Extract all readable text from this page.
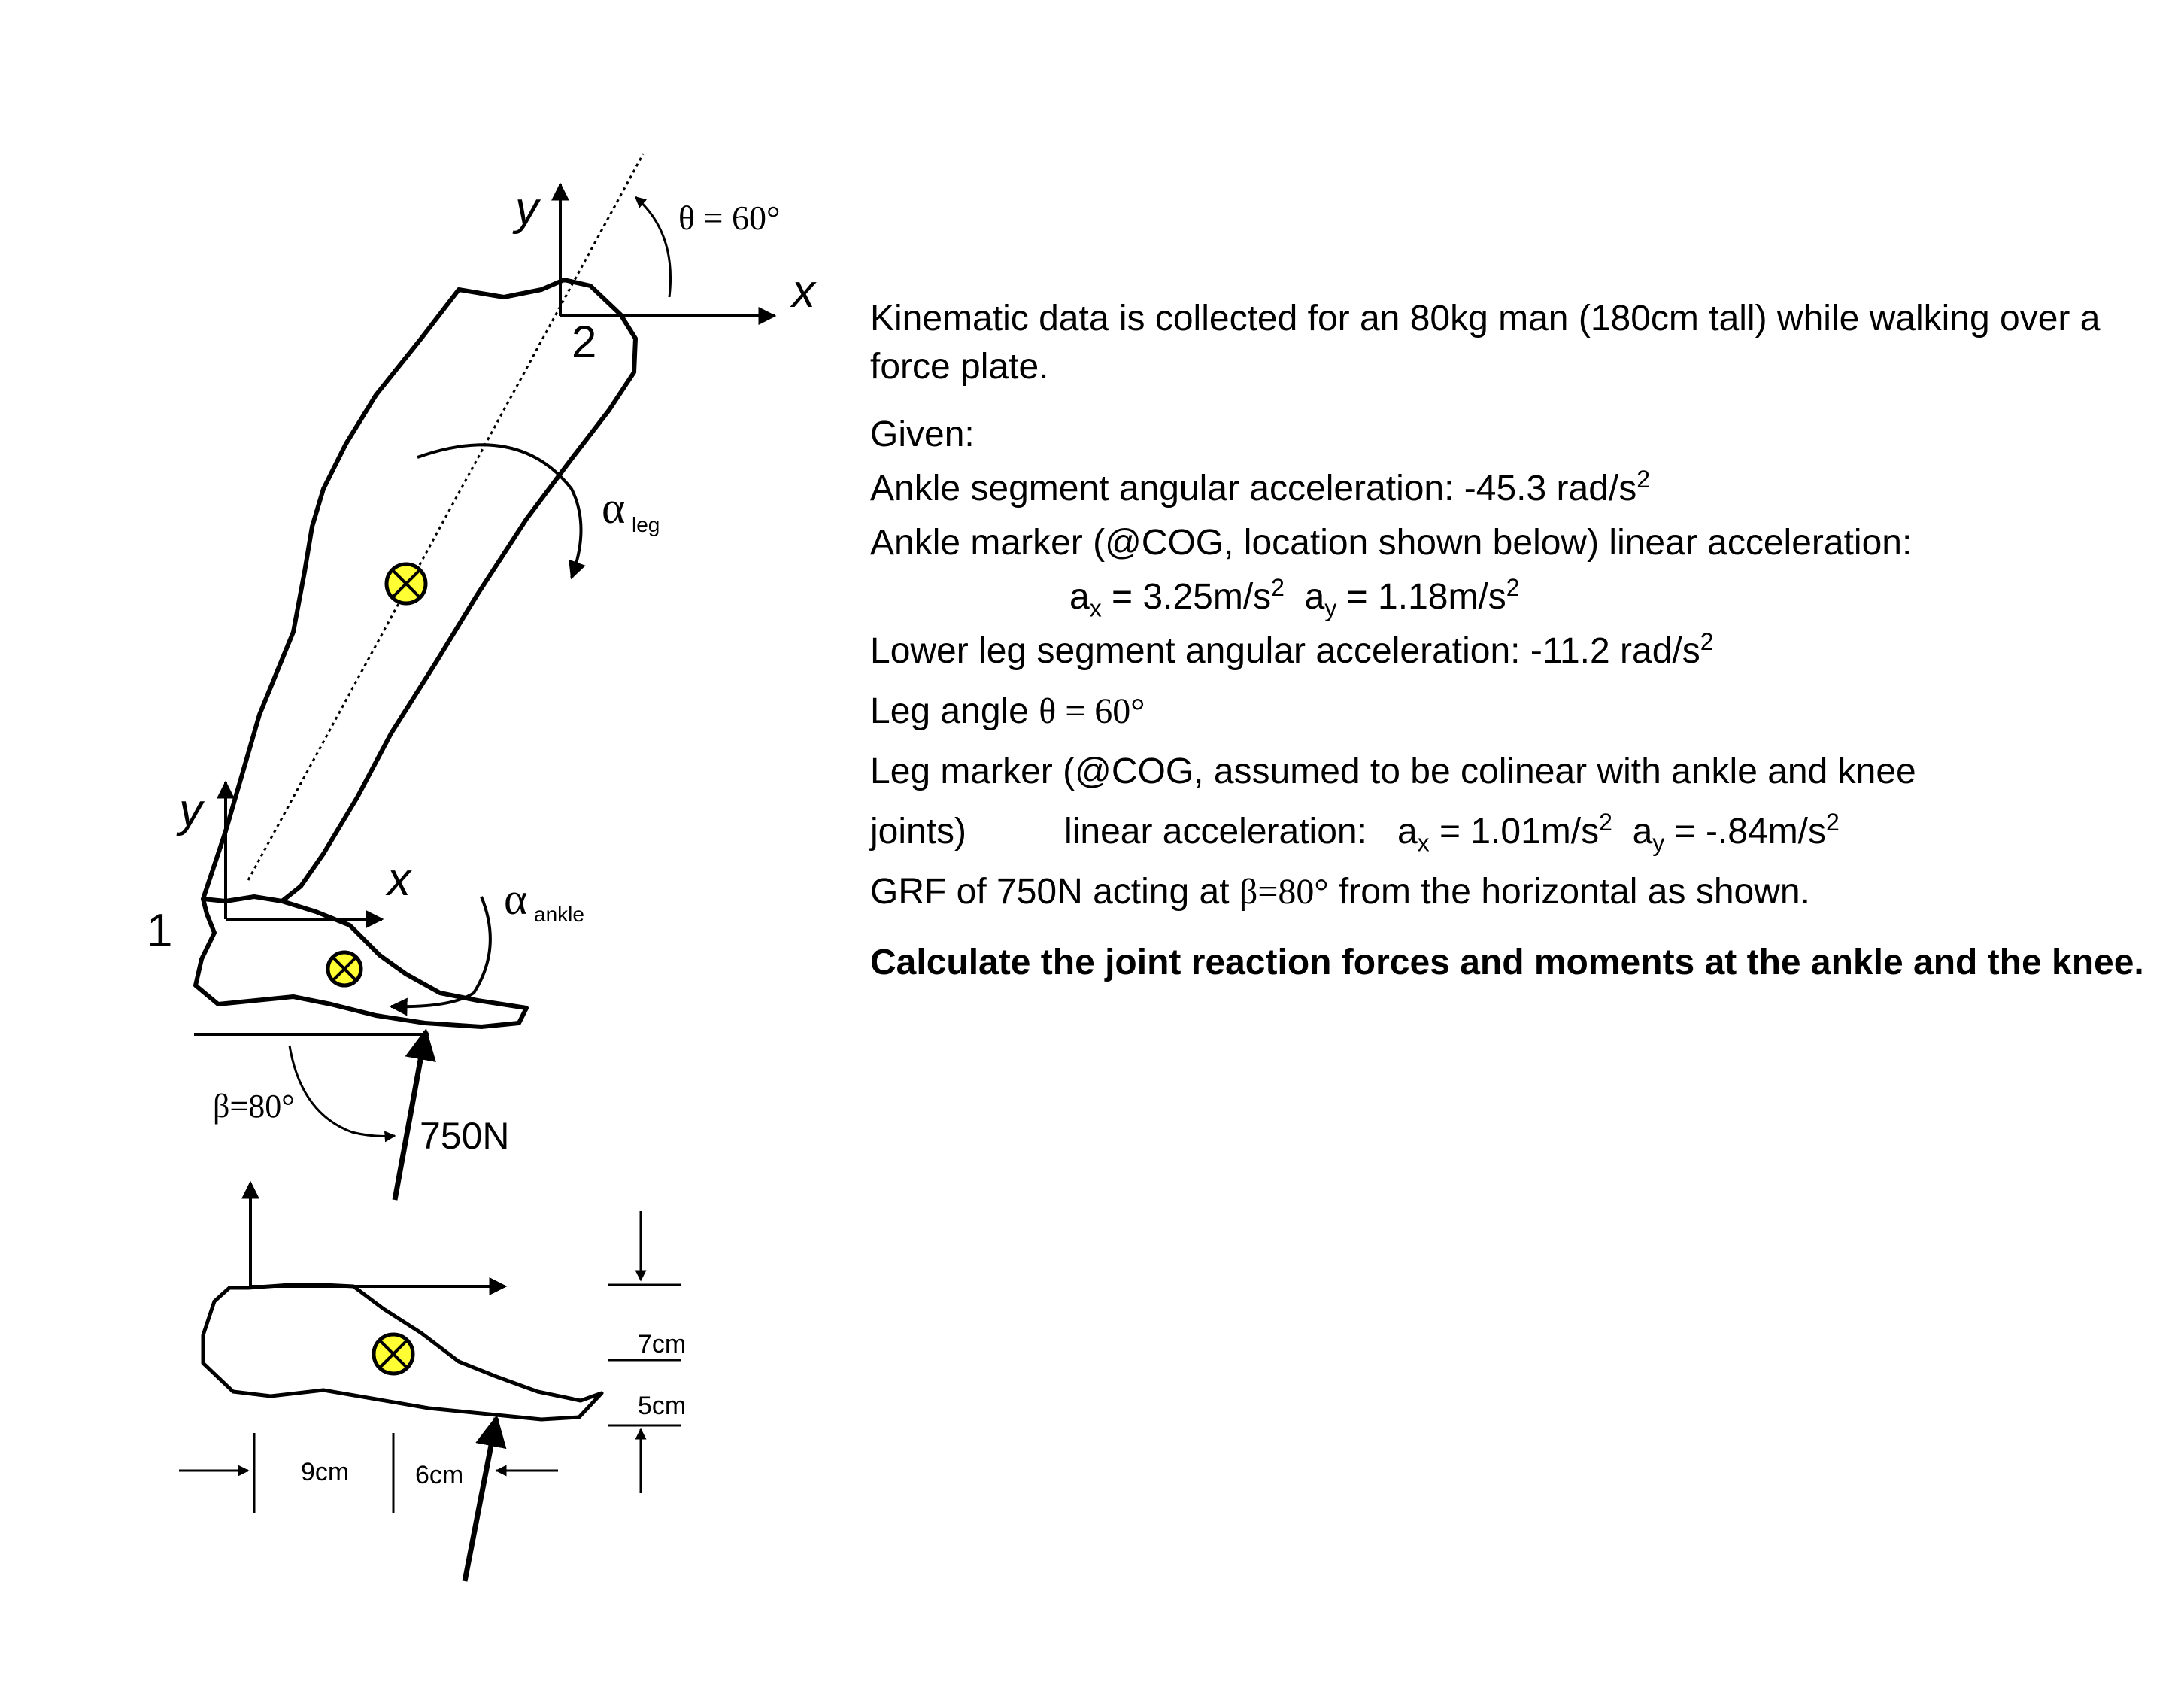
y
x
2
θ = 60°
α leg
y
x
1
α ankle
750N
β=80°
7cm
5cm
9cm	6cm

Kinematic data is collected for an 80kg man (180cm tall) while walking over a force plate.

Given:

Ankle segment angular acceleration: -45.3 rad/$s^2$

Ankle marker (@COG, location shown below) linear acceleration:

$a_x = 3.25m/s^2$ $a_y = 1.18m/s^2$

Lower leg segment angular acceleration: -11.2 rad/$s^2$

Leg angle θ = 60°

Leg marker (@COG, assumed to be colinear with ankle and knee

joints)	linear acceleration: $a_x = 1.01m/s^2$ $a_y = -.84m/s^2$

GRF of 750N acting at β=80° from the horizontal as shown.

Calculate the joint reaction forces and moments at the ankle and the knee.
